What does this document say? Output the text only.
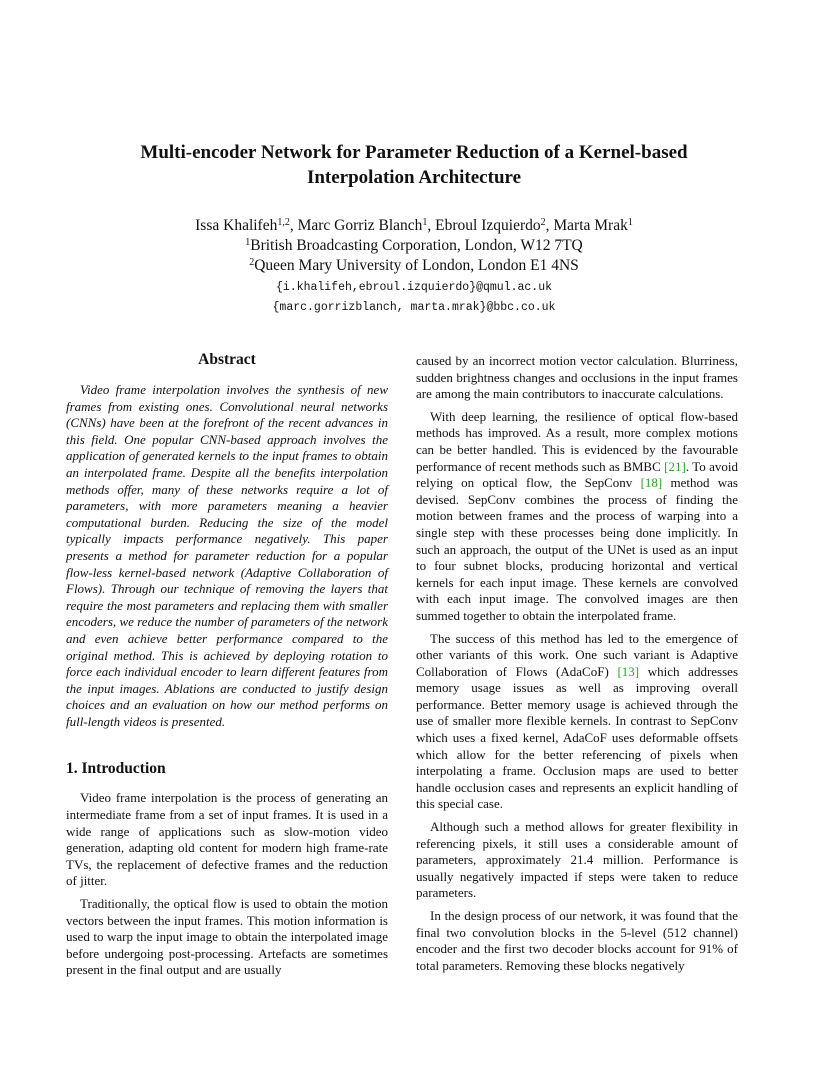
Multi-encoder Network for Parameter Reduction of a Kernel-based
Interpolation Architecture
Issa Khalifeh$^{1,2}$, Marc Gorriz Blanch$^1$, Ebroul Izquierdo$^2$, Marta Mrak$^1$
$^1$British Broadcasting Corporation, London, W12 7TQ
$^2$Queen Mary University of London, London E1 4NS
{i.khalifeh,ebroul.izquierdo}@qmul.ac.uk
{marc.gorrizblanch, marta.mrak}@bbc.co.uk
Abstract

Video frame interpolation involves the synthesis of new frames from existing ones. Convolutional neural networks (CNNs) have been at the forefront of the recent advances in this field. One popular CNN-based approach involves the application of generated kernels to the input frames to obtain an interpolated frame. Despite all the benefits interpolation methods offer, many of these networks require a lot of parameters, with more parameters meaning a heavier computational burden. Reducing the size of the model typically impacts performance negatively. This paper presents a method for parameter reduction for a popular flow-less kernel-based network (Adaptive Collaboration of Flows). Through our technique of removing the layers that require the most parameters and replacing them with smaller encoders, we reduce the number of parameters of the network and even achieve better performance compared to the original method. This is achieved by deploying rotation to force each individual encoder to learn different features from the input images. Ablations are conducted to justify design choices and an evaluation on how our method performs on full-length videos is presented.

1. Introduction

Video frame interpolation is the process of generating an intermediate frame from a set of input frames. It is used in a wide range of applications such as slow-motion video generation, adapting old content for modern high frame-rate TVs, the replacement of defective frames and the reduction of jitter.

Traditionally, the optical flow is used to obtain the motion vectors between the input frames. This motion information is used to warp the input image to obtain the interpolated image before undergoing post-processing. Artefacts are sometimes present in the final output and are usually

caused by an incorrect motion vector calculation. Blurriness, sudden brightness changes and occlusions in the input frames are among the main contributors to inaccurate calculations.

With deep learning, the resilience of optical flow-based methods has improved. As a result, more complex motions can be better handled. This is evidenced by the favourable performance of recent methods such as BMBC [21]. To avoid relying on optical flow, the SepConv [18] method was devised. SepConv combines the process of finding the motion between frames and the process of warping into a single step with these processes being done implicitly. In such an approach, the output of the UNet is used as an input to four subnet blocks, producing horizontal and vertical kernels for each input image. These kernels are convolved with each input image. The convolved images are then summed together to obtain the interpolated frame.

The success of this method has led to the emergence of other variants of this work. One such variant is Adaptive Collaboration of Flows (AdaCoF) [13] which addresses memory usage issues as well as improving overall performance. Better memory usage is achieved through the use of smaller more flexible kernels. In contrast to SepConv which uses a fixed kernel, AdaCoF uses deformable offsets which allow for the better referencing of pixels when interpolating a frame. Occlusion maps are used to better handle occlusion cases and represents an explicit handling of this special case.

Although such a method allows for greater flexibility in referencing pixels, it still uses a considerable amount of parameters, approximately 21.4 million. Performance is usually negatively impacted if steps were taken to reduce parameters.

In the design process of our network, it was found that the final two convolution blocks in the 5-level (512 channel) encoder and the first two decoder blocks account for 91% of total parameters. Removing these blocks negatively
